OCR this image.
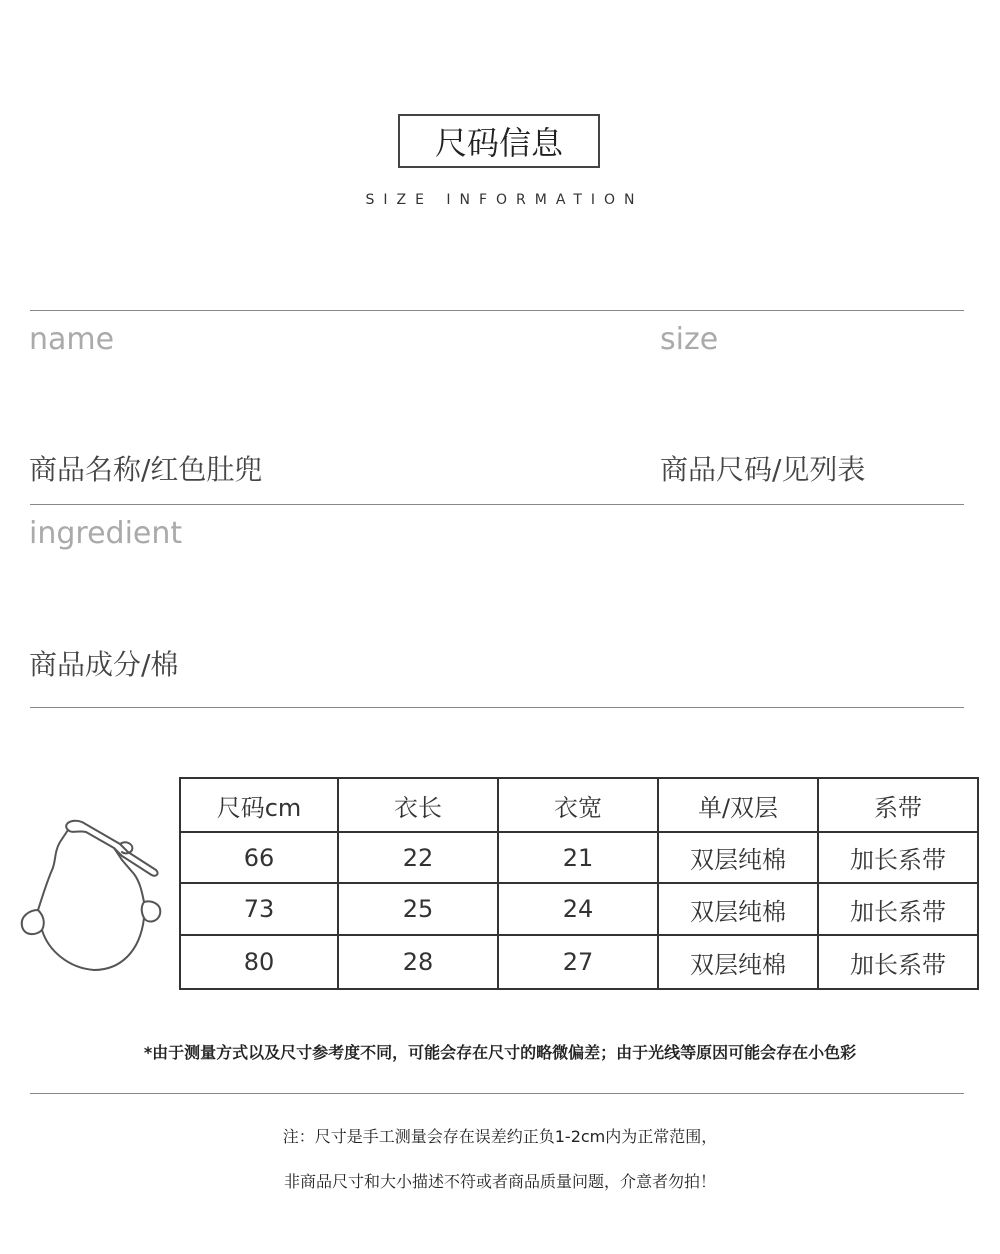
尺码信息
SIZE INFORMATION
name	size
商品名称/红色肚兜	商品尺码/见列表
ingredient
商品成分/棉
尺码cm	衣长	衣宽	单/双层	系带
66	22	21	双层纯棉	加长系带
73	25	24	双层纯棉	加长系带
80	28	27	双层纯棉	加长系带
*由于测量方式以及尺寸参考度不同，可能会存在尺寸的略微偏差；由于光线等原因可能会存在小色彩
注：尺寸是手工测量会存在误差约正负1-2cm内为正常范围，
非商品尺寸和大小描述不符或者商品质量问题，介意者勿拍！
